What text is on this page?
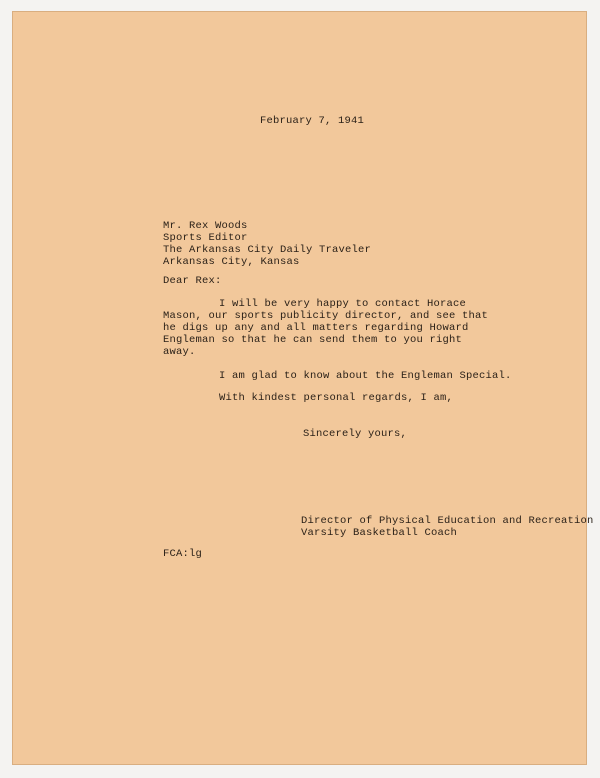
February 7, 1941
Mr. Rex Woods
Sports Editor
The Arkansas City Daily Traveler
Arkansas City, Kansas
Dear Rex:
I will be very happy to contact Horace
Mason, our sports publicity director, and see that
he digs up any and all matters regarding Howard
Engleman so that he can send them to you right
away.
I am glad to know about the Engleman Special.
With kindest personal regards, I am,
Sincerely yours,
Director of Physical Education and Recreation
Varsity Basketball Coach
FCA:lg
